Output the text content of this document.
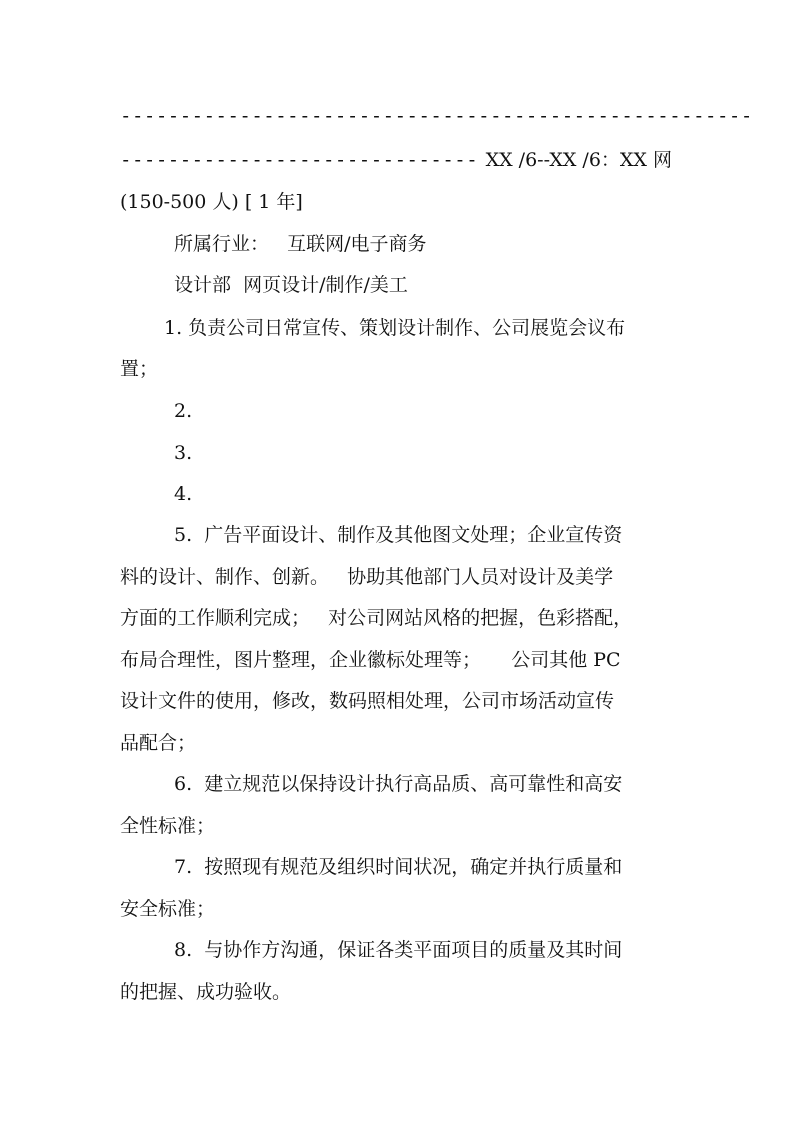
-----------------------------------------------------
------------------------------ XX /6--XX /6：XX 网
(150-500 人) [ 1 年]
所属行业：   互联网/电子商务
设计部  网页设计/制作/美工
1. 负责公司日常宣传、策划设计制作、公司展览会议布
置；
2.
3.
4.
5.  广告平面设计、制作及其他图文处理；企业宣传资
料的设计、制作、创新。   协助其他部门人员对设计及美学
方面的工作顺利完成；   对公司网站风格的把握，色彩搭配，
布局合理性，图片整理，企业徽标处理等；     公司其他 PC
设计文件的使用，修改，数码照相处理，公司市场活动宣传
品配合；
6.  建立规范以保持设计执行高品质、高可靠性和高安
全性标准；
7.  按照现有规范及组织时间状况，确定并执行质量和
安全标准；
8.  与协作方沟通，保证各类平面项目的质量及其时间
的把握、成功验收。
